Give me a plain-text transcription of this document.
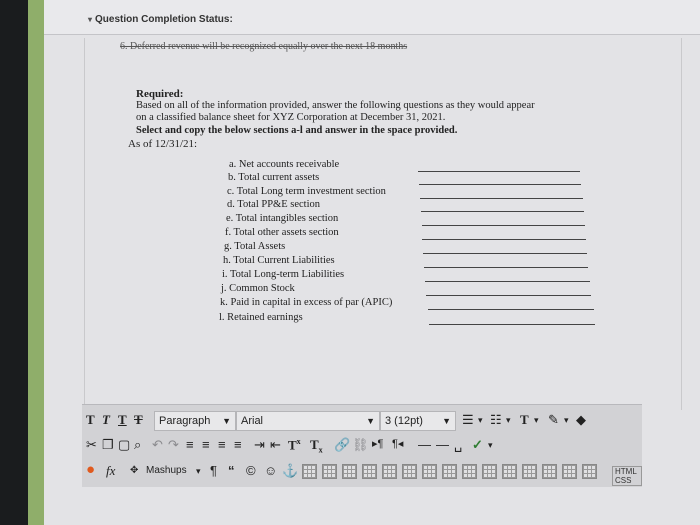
▾ Question Completion Status:
6. Deferred revenue will be recognized equally over the next 18 months
Required:
Based on all of the information provided, answer the following questions as they would appear
on a classified balance sheet for XYZ Corporation at December 31, 2021.
Select and copy the below sections a-l and answer in the space provided.
As of 12/31/21:
a. Net accounts receivable
b. Total current assets
c. Total Long term investment section
d. Total PP&E section
e. Total intangibles section
f. Total other assets section
g. Total Assets
h. Total Current Liabilities
i. Total Long-term Liabilities
j. Common Stock
k. Paid in capital in excess of par (APIC)
l. Retained earnings
T T T T	Paragraph ▼ Arial	▼ 3 (12pt) ▼ ☰ ▾ ☷ ▾ T ▾ ✎ ▾ ◆
✂ ❐ ▢ ⌕ ↶ ↷ ≡ ≡ ≡ ≡ ⇥ ⇤ $T^x$ $T_x$ 🔗 ⛓ ▸¶ ¶◂ — — ␣ ✓ ▾
● fx ✥ Mashups ▾ ¶ “ © ☺ ⚓	HTML CSS
